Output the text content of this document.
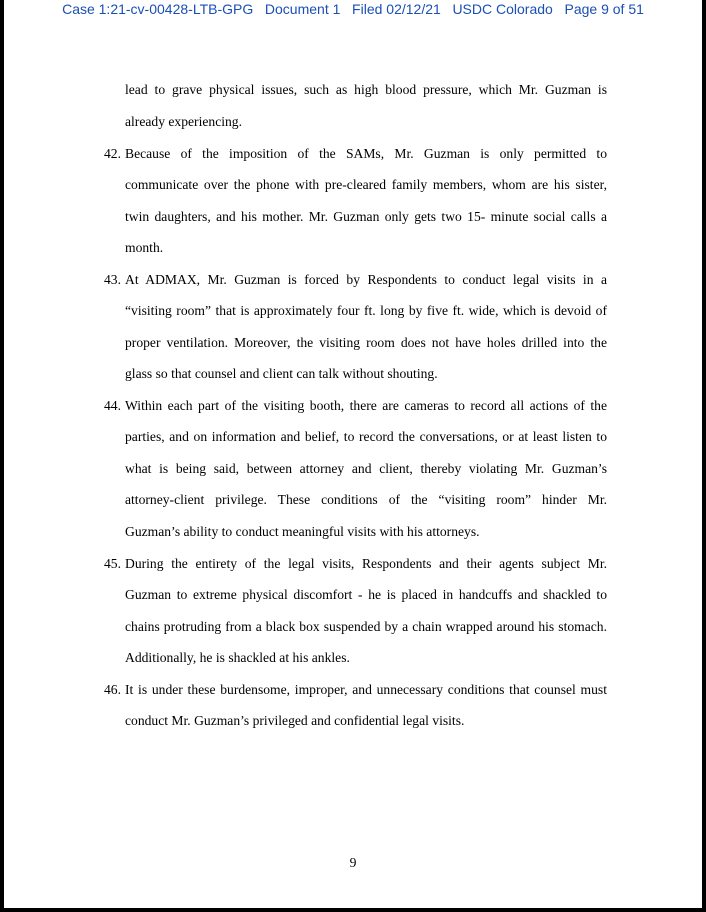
Case 1:21-cv-00428-LTB-GPG   Document 1   Filed 02/12/21   USDC Colorado   Page 9 of 51
lead to grave physical issues, such as high blood pressure, which Mr. Guzman is
already experiencing.
42. Because of the imposition of the SAMs, Mr. Guzman is only permitted to
communicate over the phone with pre-cleared family members, whom are his sister,
twin daughters, and his mother. Mr. Guzman only gets two 15- minute social calls a
month.
43. At ADMAX, Mr. Guzman is forced by Respondents to conduct legal visits in a
“visiting room” that is approximately four ft. long by five ft. wide, which is devoid of
proper ventilation. Moreover, the visiting room does not have holes drilled into the
glass so that counsel and client can talk without shouting.
44. Within each part of the visiting booth, there are cameras to record all actions of the
parties, and on information and belief, to record the conversations, or at least listen to
what is being said, between attorney and client, thereby violating Mr. Guzman’s
attorney-client privilege. These conditions of the “visiting room” hinder Mr.
Guzman’s ability to conduct meaningful visits with his attorneys.
45. During the entirety of the legal visits, Respondents and their agents subject Mr.
Guzman to extreme physical discomfort - he is placed in handcuffs and shackled to
chains protruding from a black box suspended by a chain wrapped around his stomach.
Additionally, he is shackled at his ankles.
46. It is under these burdensome, improper, and unnecessary conditions that counsel must
conduct Mr. Guzman’s privileged and confidential legal visits.
9
